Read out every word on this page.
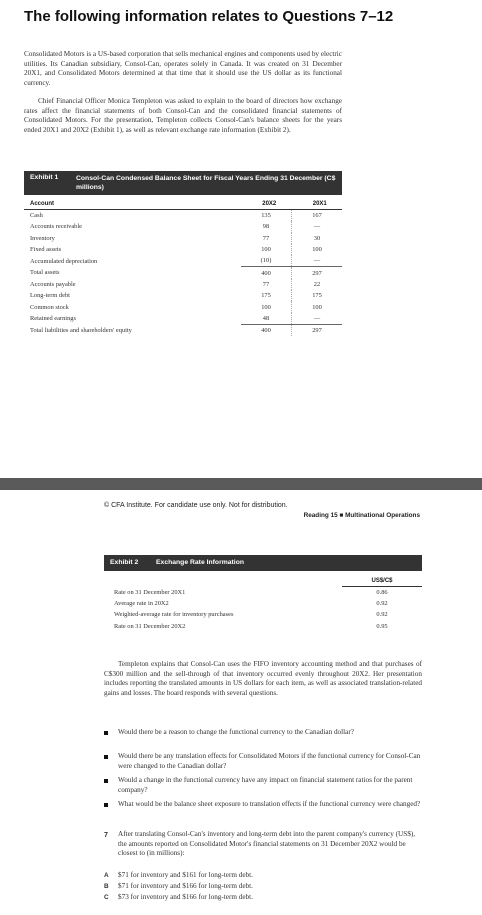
The following information relates to Questions 7–12
Consolidated Motors is a US-based corporation that sells mechanical engines and components used by electric utilities. Its Canadian subsidiary, Consol-Can, operates solely in Canada. It was created on 31 December 20X1, and Consolidated Motors determined at that time that it should use the US dollar as its functional currency.
Chief Financial Officer Monica Templeton was asked to explain to the board of directors how exchange rates affect the financial statements of both Consol-Can and the consolidated financial statements of Consolidated Motors. For the presentation, Templeton collects Consol-Can's balance sheets for the years ended 20X1 and 20X2 (Exhibit 1), as well as relevant exchange rate information (Exhibit 2).
Exhibit 1	Consol-Can Condensed Balance Sheet for Fiscal Years Ending 31 December (C$ millions)
Account	20X2	20X1
Cash	135	167
Accounts receivable	98	—
Inventory	77	30
Fixed assets	100	100
Accumulated depreciation	(10)	—
Total assets	400	297
Accounts payable	77	22
Long-term debt	175	175
Common stock	100	100
Retained earnings	48	—
Total liabilities and shareholders' equity	400	297
© CFA Institute. For candidate use only. Not for distribution.
Reading 15 ■ Multinational Operations
Exhibit 2	Exchange Rate Information
	US$/C$
Rate on 31 December 20X1	0.86
Average rate in 20X2	0.92
Weighted-average rate for inventory purchases	0.92
Rate on 31 December 20X2	0.95
Templeton explains that Consol-Can uses the FIFO inventory accounting method and that purchases of C$300 million and the sell-through of that inventory occurred evenly throughout 20X2. Her presentation includes reporting the translated amounts in US dollars for each item, as well as associated translation-related gains and losses. The board responds with several questions.
Would there be a reason to change the functional currency to the Canadian dollar?
Would there be any translation effects for Consolidated Motors if the functional currency for Consol-Can were changed to the Canadian dollar?
Would a change in the functional currency have any impact on financial statement ratios for the parent company?
What would be the balance sheet exposure to translation effects if the functional currency were changed?
7 After translating Consol-Can's inventory and long-term debt into the parent company's currency (US$), the amounts reported on Consolidated Motor's financial statements on 31 December 20X2 would be closest to (in millions):
A $71 for inventory and $161 for long-term debt.
B $71 for inventory and $166 for long-term debt.
C $73 for inventory and $166 for long-term debt.
